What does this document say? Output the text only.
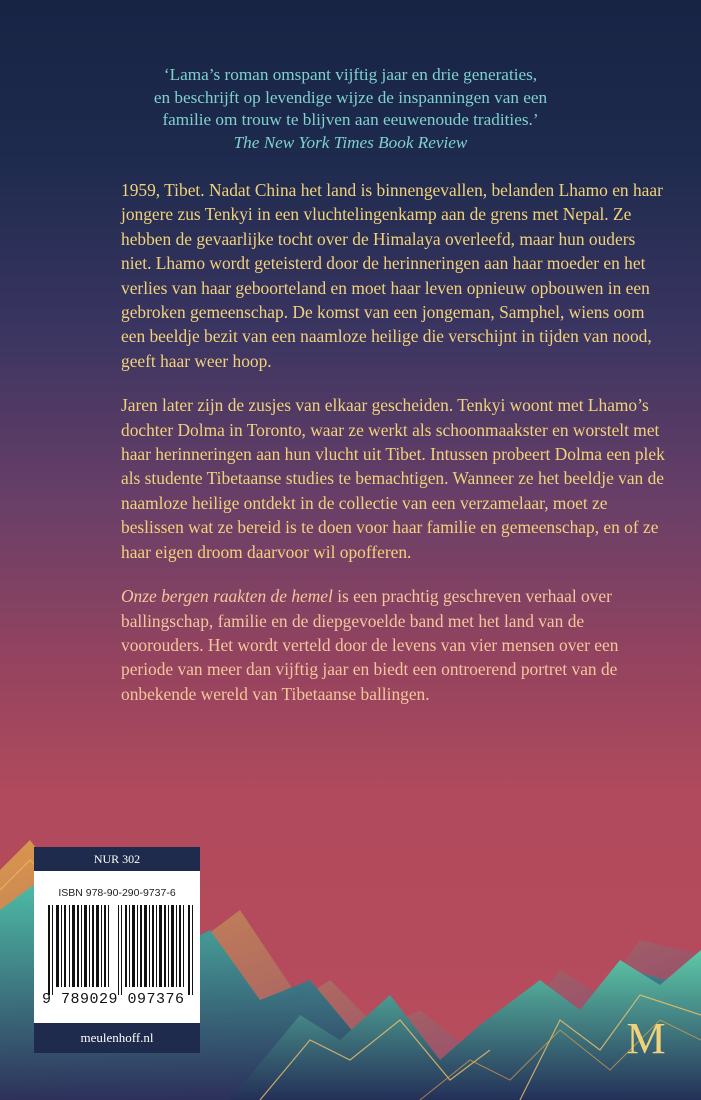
‘Lama’s roman omspant vijftig jaar en drie generaties,
en beschrijft op levendige wijze de inspanningen van een
familie om trouw te blijven aan eeuwenoude tradities.’
The New York Times Book Review

1959, Tibet. Nadat China het land is binnengevallen, belanden Lhamo en haar jongere zus Tenkyi in een vluchtelingenkamp aan de grens met Nepal. Ze hebben de gevaarlijke tocht over de Himalaya overleefd, maar hun ouders niet. Lhamo wordt geteisterd door de herinneringen aan haar moeder en het verlies van haar geboorteland en moet haar leven opnieuw opbouwen in een gebroken gemeenschap. De komst van een jongeman, Samphel, wiens oom een beeldje bezit van een naamloze heilige die verschijnt in tijden van nood, geeft haar weer hoop.

Jaren later zijn de zusjes van elkaar gescheiden. Tenkyi woont met Lhamo’s dochter Dolma in Toronto, waar ze werkt als schoonmaakster en worstelt met haar herinneringen aan hun vlucht uit Tibet. Intussen probeert Dolma een plek als studente Tibetaanse studies te bemachtigen. Wanneer ze het beeldje van de naamloze heilige ontdekt in de collectie van een verzamelaar, moet ze beslissen wat ze bereid is te doen voor haar familie en gemeenschap, en of ze haar eigen droom daarvoor wil opofferen.

Onze bergen raakten de hemel is een prachtig geschreven verhaal over ballingschap, familie en de diepgevoelde band met het land van de voorouders. Het wordt verteld door de levens van vier mensen over een periode van meer dan vijftig jaar en biedt een ontroerend portret van de onbekende wereld van Tibetaanse ballingen.

NUR 302
ISBN 978-90-290-9737-6
9 789029 097376
meulenhoff.nl	M
